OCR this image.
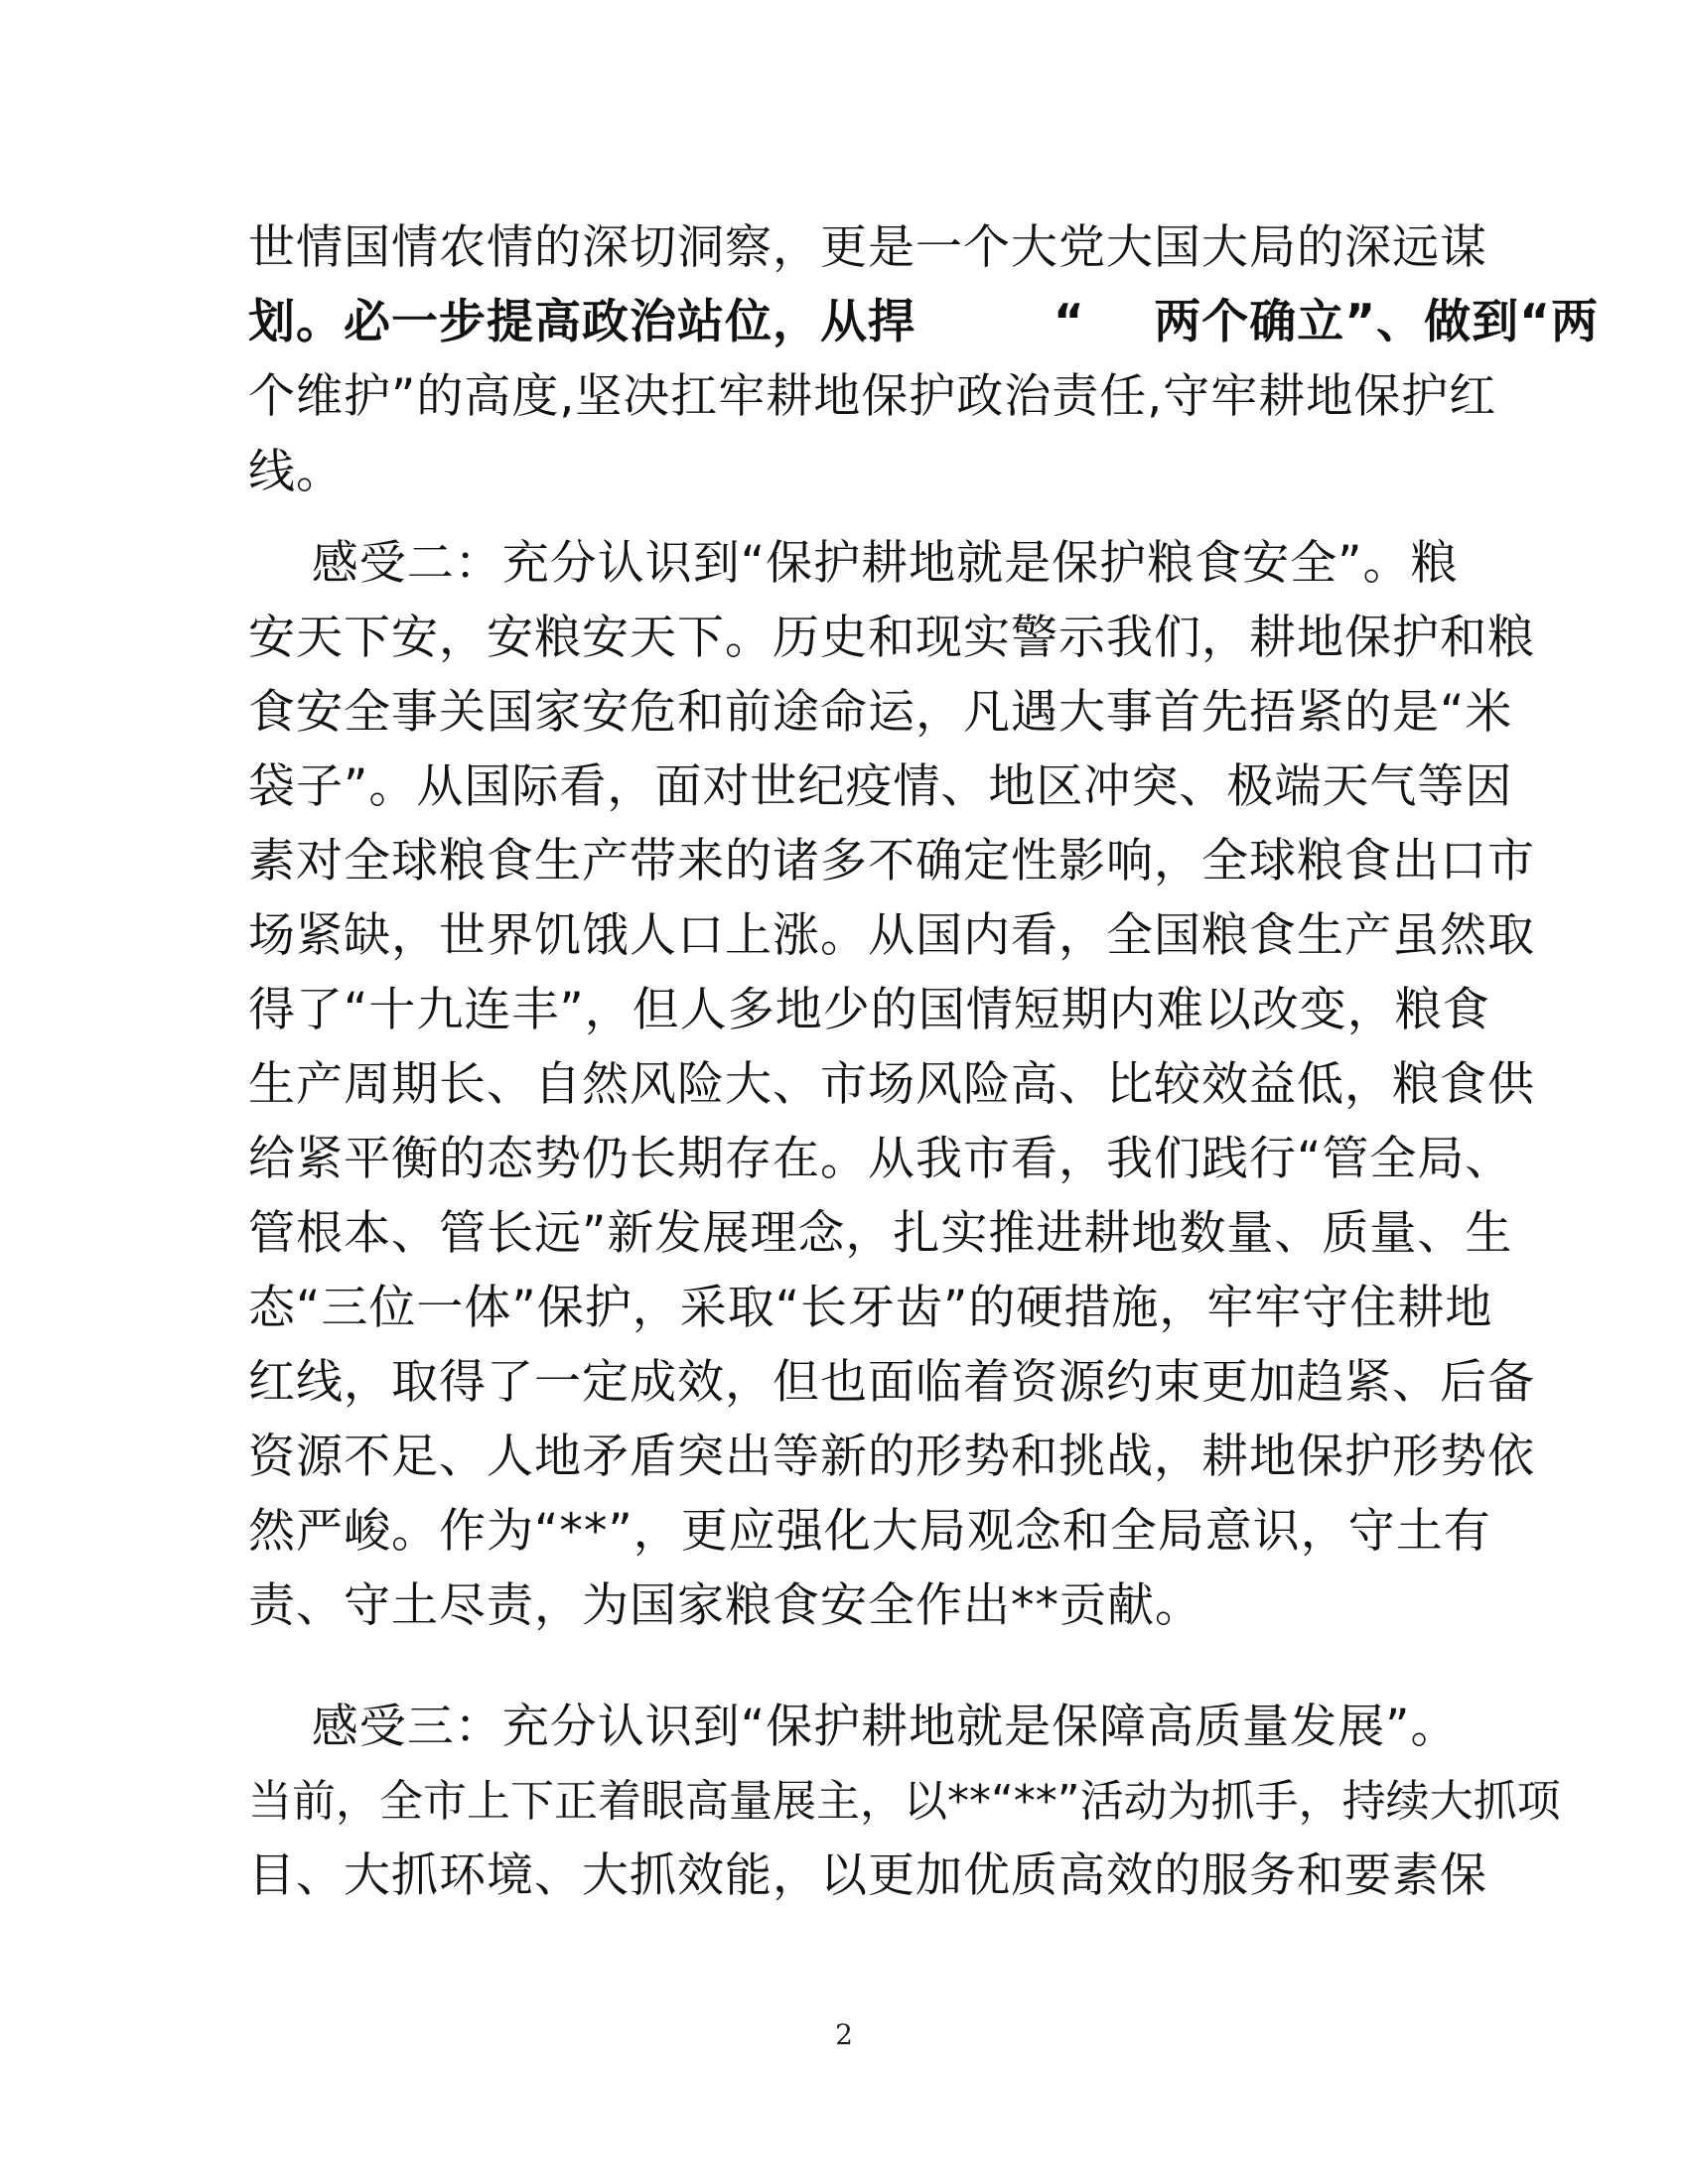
世情国情农情的深切洞察，更是一个大党大国大局的深远谋
划。必一步提高政治站位，从捍        “    两个确立”、做到“两
个维护”的高度,坚决扛牢耕地保护政治责任,守牢耕地保护红
线。
感受二：充分认识到“保护耕地就是保护粮食安全”。粮
安天下安，安粮安天下。历史和现实警示我们，耕地保护和粮
食安全事关国家安危和前途命运，凡遇大事首先捂紧的是“米
袋子”。从国际看，面对世纪疫情、地区冲突、极端天气等因
素对全球粮食生产带来的诸多不确定性影响，全球粮食出口市
场紧缺，世界饥饿人口上涨。从国内看，全国粮食生产虽然取
得了“十九连丰”，但人多地少的国情短期内难以改变，粮食
生产周期长、自然风险大、市场风险高、比较效益低，粮食供
给紧平衡的态势仍长期存在。从我市看，我们践行“管全局、
管根本、管长远”新发展理念，扎实推进耕地数量、质量、生
态“三位一体”保护，采取“长牙齿”的硬措施，牢牢守住耕地
红线，取得了一定成效，但也面临着资源约束更加趋紧、后备
资源不足、人地矛盾突出等新的形势和挑战，耕地保护形势依
然严峻。作为“**”，更应强化大局观念和全局意识，守土有
责、守土尽责，为国家粮食安全作出**贡献。
感受三：充分认识到“保护耕地就是保障高质量发展”。
当前，全市上下正着眼高量展主，以**“**”活动为抓手，持续大抓项
目、大抓环境、大抓效能，以更加优质高效的服务和要素保
2
